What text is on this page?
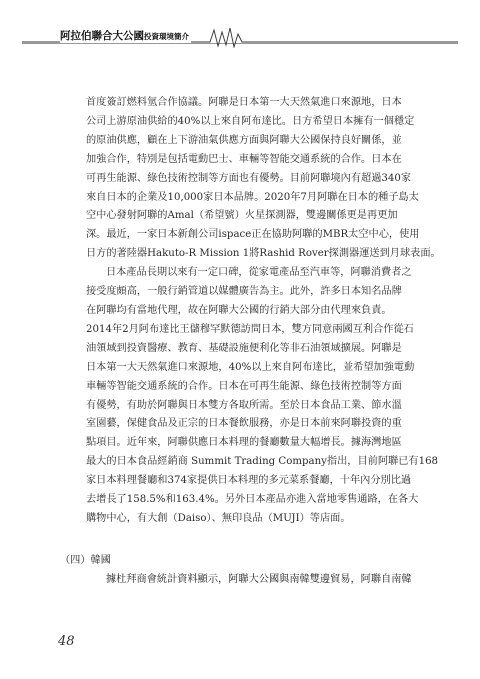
阿拉伯聯合大公國投資環境簡介

首度簽訂燃料氫合作協議。阿聯是日本第一大天然氣進口來源地，日本

公司上游原油供給的40%以上來自阿布達比。日方希望日本擁有一個穩定

的原油供應，顧在上下游油氣供應方面與阿聯大公國保持良好關係，並

加強合作，特別是包括電動巴士、車輛等智能交通系統的合作。日本在

可再生能源、綠色技術控制等方面也有優勢。目前阿聯境內有超過340家

來自日本的企業及10,000家日本品牌。2020年7月阿聯在日本的種子島太

空中心發射阿聯的Amal（希望號）火星探測器，雙邊關係更是再更加

深。最近，一家日本新創公司ispace正在協助阿聯的MBR太空中心，使用

日方的著陸器Hakuto-R Mission 1將Rashid Rover探測器運送到月球表面。

日本產品長期以來有一定口碑，從家電產品至汽車等，阿聯消費者之

接受度頗高，一般行銷管道以媒體廣告為主。此外，許多日本知名品牌

在阿聯均有當地代理，故在阿聯大公國的行銷大部分由代理來負責。

2014年2月阿布達比王儲穆罕默德訪問日本，雙方同意兩國互利合作從石

油領域到投資醫療、教育、基礎設施便利化等非石油領域擴展。阿聯是

日本第一大天然氣進口來源地，40%以上來自阿布達比，並希望加強電動

車輛等智能交通系統的合作。日本在可再生能源、綠色技術控制等方面

有優勢，有助於阿聯與日本雙方各取所需。至於日本食品工業、節水溫

室園藝，保健食品及正宗的日本餐飲服務，亦是日本前來阿聯投資的重

點項目。近年來，阿聯供應日本料理的餐廳數量大幅增長。據海灣地區

最大的日本食品經銷商 Summit Trading Company指出，目前阿聯已有168

家日本料理餐廳和374家提供日本料理的多元菜系餐廳，十年內分別比過

去增長了158.5%和163.4%。另外日本產品亦進入當地零售通路，在各大

購物中心，有大創（Daiso）、無印良品（MUJI）等店面。

（四）韓國
據杜拜商會統計資料顯示，阿聯大公國與南韓雙邊貿易，阿聯自南韓
48
